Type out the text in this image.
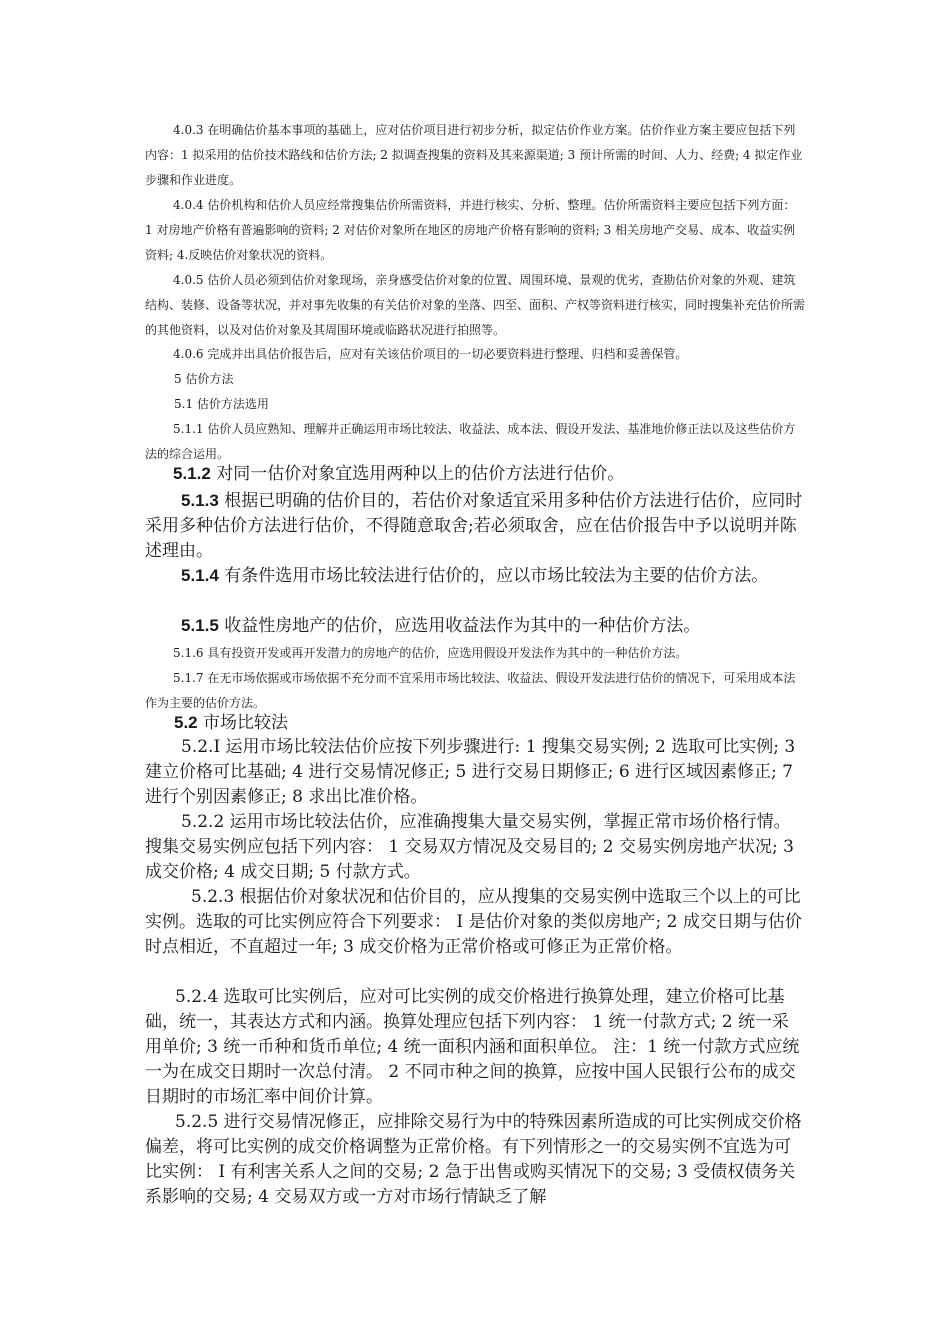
4.0.3 在明确估价基本事项的基础上，应对估价项目进行初步分析，拟定估价作业方案。估价作业方案主要应包括下列内容：1 拟采用的估价技术路线和估价方法; 2 拟调查搜集的资料及其来源渠道; 3 预计所需的时间、人力、经费; 4 拟定作业步骤和作业进度。

4.0.4 估价机构和估价人员应经常搜集估价所需资料，并进行核实、分析、整理。估价所需资料主要应包括下列方面： 1 对房地产价格有普遍影响的资料; 2 对估价对象所在地区的房地产价格有影响的资料; 3 相关房地产交易、成本、收益实例资料; 4.反映估价对象状况的资料。

4.0.5 估价人员必须到估价对象现场，亲身感受估价对象的位置、周围环境、景观的优劣，查勘估价对象的外观、建筑结构、装修、设备等状况，并对事先收集的有关估价对象的坐落、四至、面积、产权等资料进行核实，同时搜集补充估价所需的其他资料，以及对估价对象及其周围环境或临路状况进行拍照等。

4.0.6 完成并出具估价报告后，应对有关该估价项目的一切必要资料进行整理、归档和妥善保管。

5 估价方法
5.1 估价方法选用

5.1.1 估价人员应熟知、理解并正确运用市场比较法、收益法、成本法、假设开发法、基准地价修正法以及这些估价方法的综合运用。

5.1.2 对同一估价对象宜选用两种以上的估价方法进行估价。

5.1.3 根据已明确的估价目的，若估价对象适宜采用多种估价方法进行估价，应同时采用多种估价方法进行估价，不得随意取舍;若必须取舍，应在估价报告中予以说明并陈述理由。

5.1.4 有条件选用市场比较法进行估价的，应以市场比较法为主要的估价方法。

5.1.5 收益性房地产的估价，应选用收益法作为其中的一种估价方法。

5.1.6 具有投资开发或再开发潜力的房地产的估价，应选用假设开发法作为其中的一种估价方法。

5.1.7 在无市场依据或市场依据不充分而不宜采用市场比较法、收益法、假设开发法进行估价的情况下，可采用成本法作为主要的估价方法。

5.2 市场比较法

5.2.I 运用市场比较法估价应按下列步骤进行: 1 搜集交易实例; 2 选取可比实例; 3 建立价格可比基础; 4 进行交易情况修正; 5 进行交易日期修正; 6 进行区域因素修正; 7 进行个别因素修正; 8 求出比准价格。

5.2.2 运用市场比较法估价，应准确搜集大量交易实例，掌握正常市场价格行情。搜集交易实例应包括下列内容： 1 交易双方情况及交易目的; 2 交易实例房地产状况; 3 成交价格; 4 成交日期; 5 付款方式。

5.2.3 根据估价对象状况和估价目的，应从搜集的交易实例中选取三个以上的可比实例。选取的可比实例应符合下列要求： I 是估价对象的类似房地产; 2 成交日期与估价时点相近，不直超过一年; 3 成交价格为正常价格或可修正为正常价格。

5.2.4 选取可比实例后，应对可比实例的成交价格进行换算处理，建立价格可比基础，统一，其表达方式和内涵。换算处理应包括下列内容： 1 统一付款方式; 2 统一采用单价; 3 统一币种和货币单位; 4 统一面积内涵和面积单位。 注：1 统一付款方式应统一为在成交日期时一次总付清。 2 不同市种之间的换算，应按中国人民银行公布的成交日期时的市场汇率中间价计算。

5.2.5 进行交易情况修正，应排除交易行为中的特殊因素所造成的可比实例成交价格偏差，将可比实例的成交价格调整为正常价格。有下列情形之一的交易实例不宜选为可比实例： I 有利害关系人之间的交易; 2 急于出售或购买情况下的交易; 3 受债权债务关系影响的交易; 4 交易双方或一方对市场行情缺乏了解
